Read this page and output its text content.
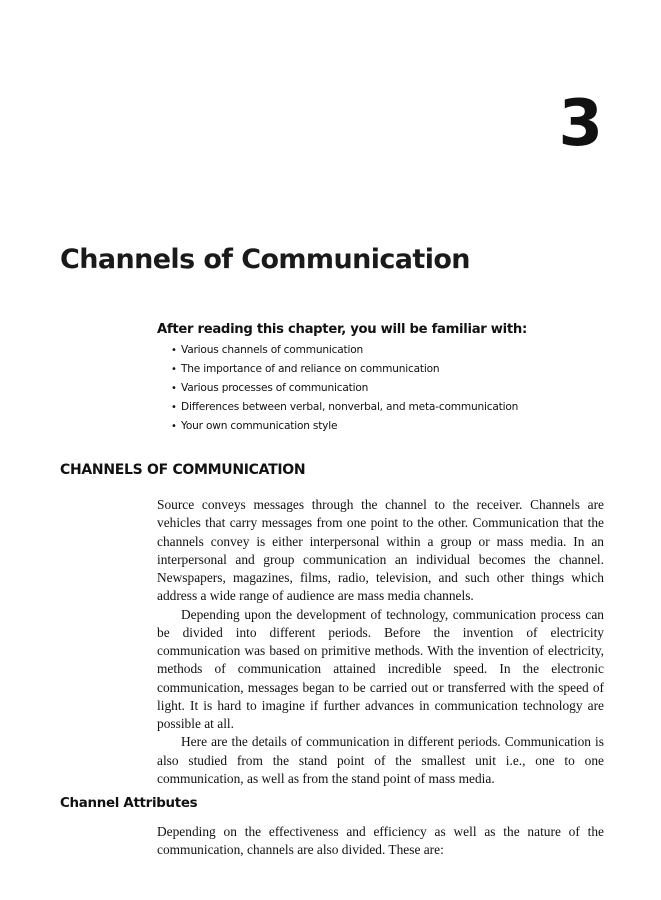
3
Channels of Communication

After reading this chapter, you will be familiar with:

• Various channels of communication
• The importance of and reliance on communication
• Various processes of communication
• Differences between verbal, nonverbal, and meta-communication
• Your own communication style
CHANNELS OF COMMUNICATION

Source conveys messages through the channel to the receiver. Channels are vehicles that carry messages from one point to the other. Communication that the channels convey is either interpersonal within a group or mass media. In an interpersonal and group communication an individual becomes the channel. Newspapers, magazines, films, radio, television, and such other things which address a wide range of audience are mass media channels.

Depending upon the development of technology, communication process can be divided into different periods. Before the invention of electricity communication was based on primitive methods. With the invention of electricity, methods of communication attained incredible speed. In the electronic communication, messages began to be carried out or transferred with the speed of light. It is hard to imagine if further advances in communication technology are possible at all.

Here are the details of communication in different periods. Communication is also studied from the stand point of the smallest unit i.e., one to one communication, as well as from the stand point of mass media.

Channel Attributes

Depending on the effectiveness and efficiency as well as the nature of the communication, channels are also divided. These are:
